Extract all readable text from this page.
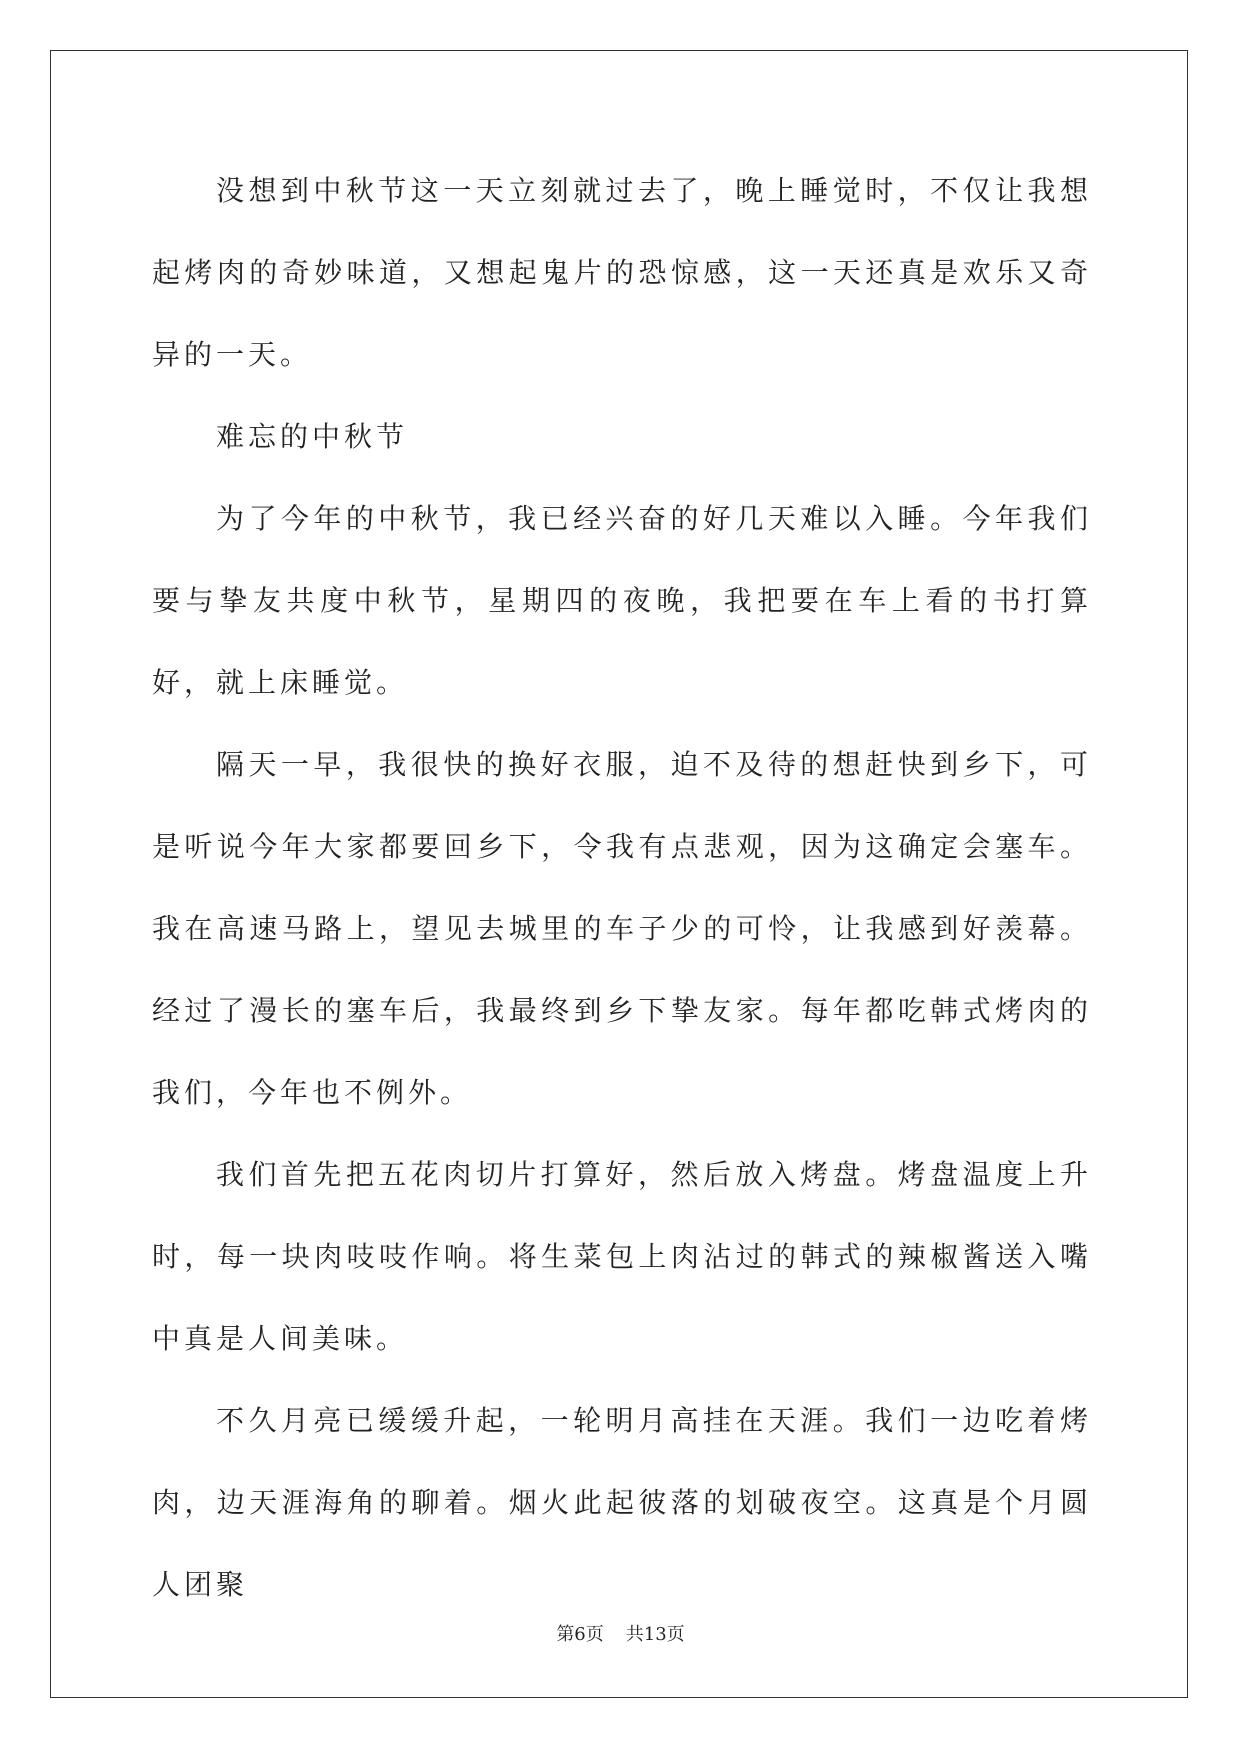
没想到中秋节这一天立刻就过去了，晚上睡觉时，不仅让我想起烤肉的奇妙味道，又想起鬼片的恐惊感，这一天还真是欢乐又奇异的一天。

难忘的中秋节

为了今年的中秋节，我已经兴奋的好几天难以入睡。今年我们要与挚友共度中秋节，星期四的夜晚，我把要在车上看的书打算好，就上床睡觉。

隔天一早，我很快的换好衣服，迫不及待的想赶快到乡下，可是听说今年大家都要回乡下，令我有点悲观，因为这确定会塞车。我在高速马路上，望见去城里的车子少的可怜，让我感到好羡幕。经过了漫长的塞车后，我最终到乡下挚友家。每年都吃韩式烤肉的我们，今年也不例外。

我们首先把五花肉切片打算好，然后放入烤盘。烤盘温度上升时，每一块肉吱吱作响。将生菜包上肉沾过的韩式的辣椒酱送入嘴中真是人间美味。

不久月亮已缓缓升起，一轮明月高挂在天涯。我们一边吃着烤肉，边天涯海角的聊着。烟火此起彼落的划破夜空。这真是个月圆人团聚

第6页 共13页
